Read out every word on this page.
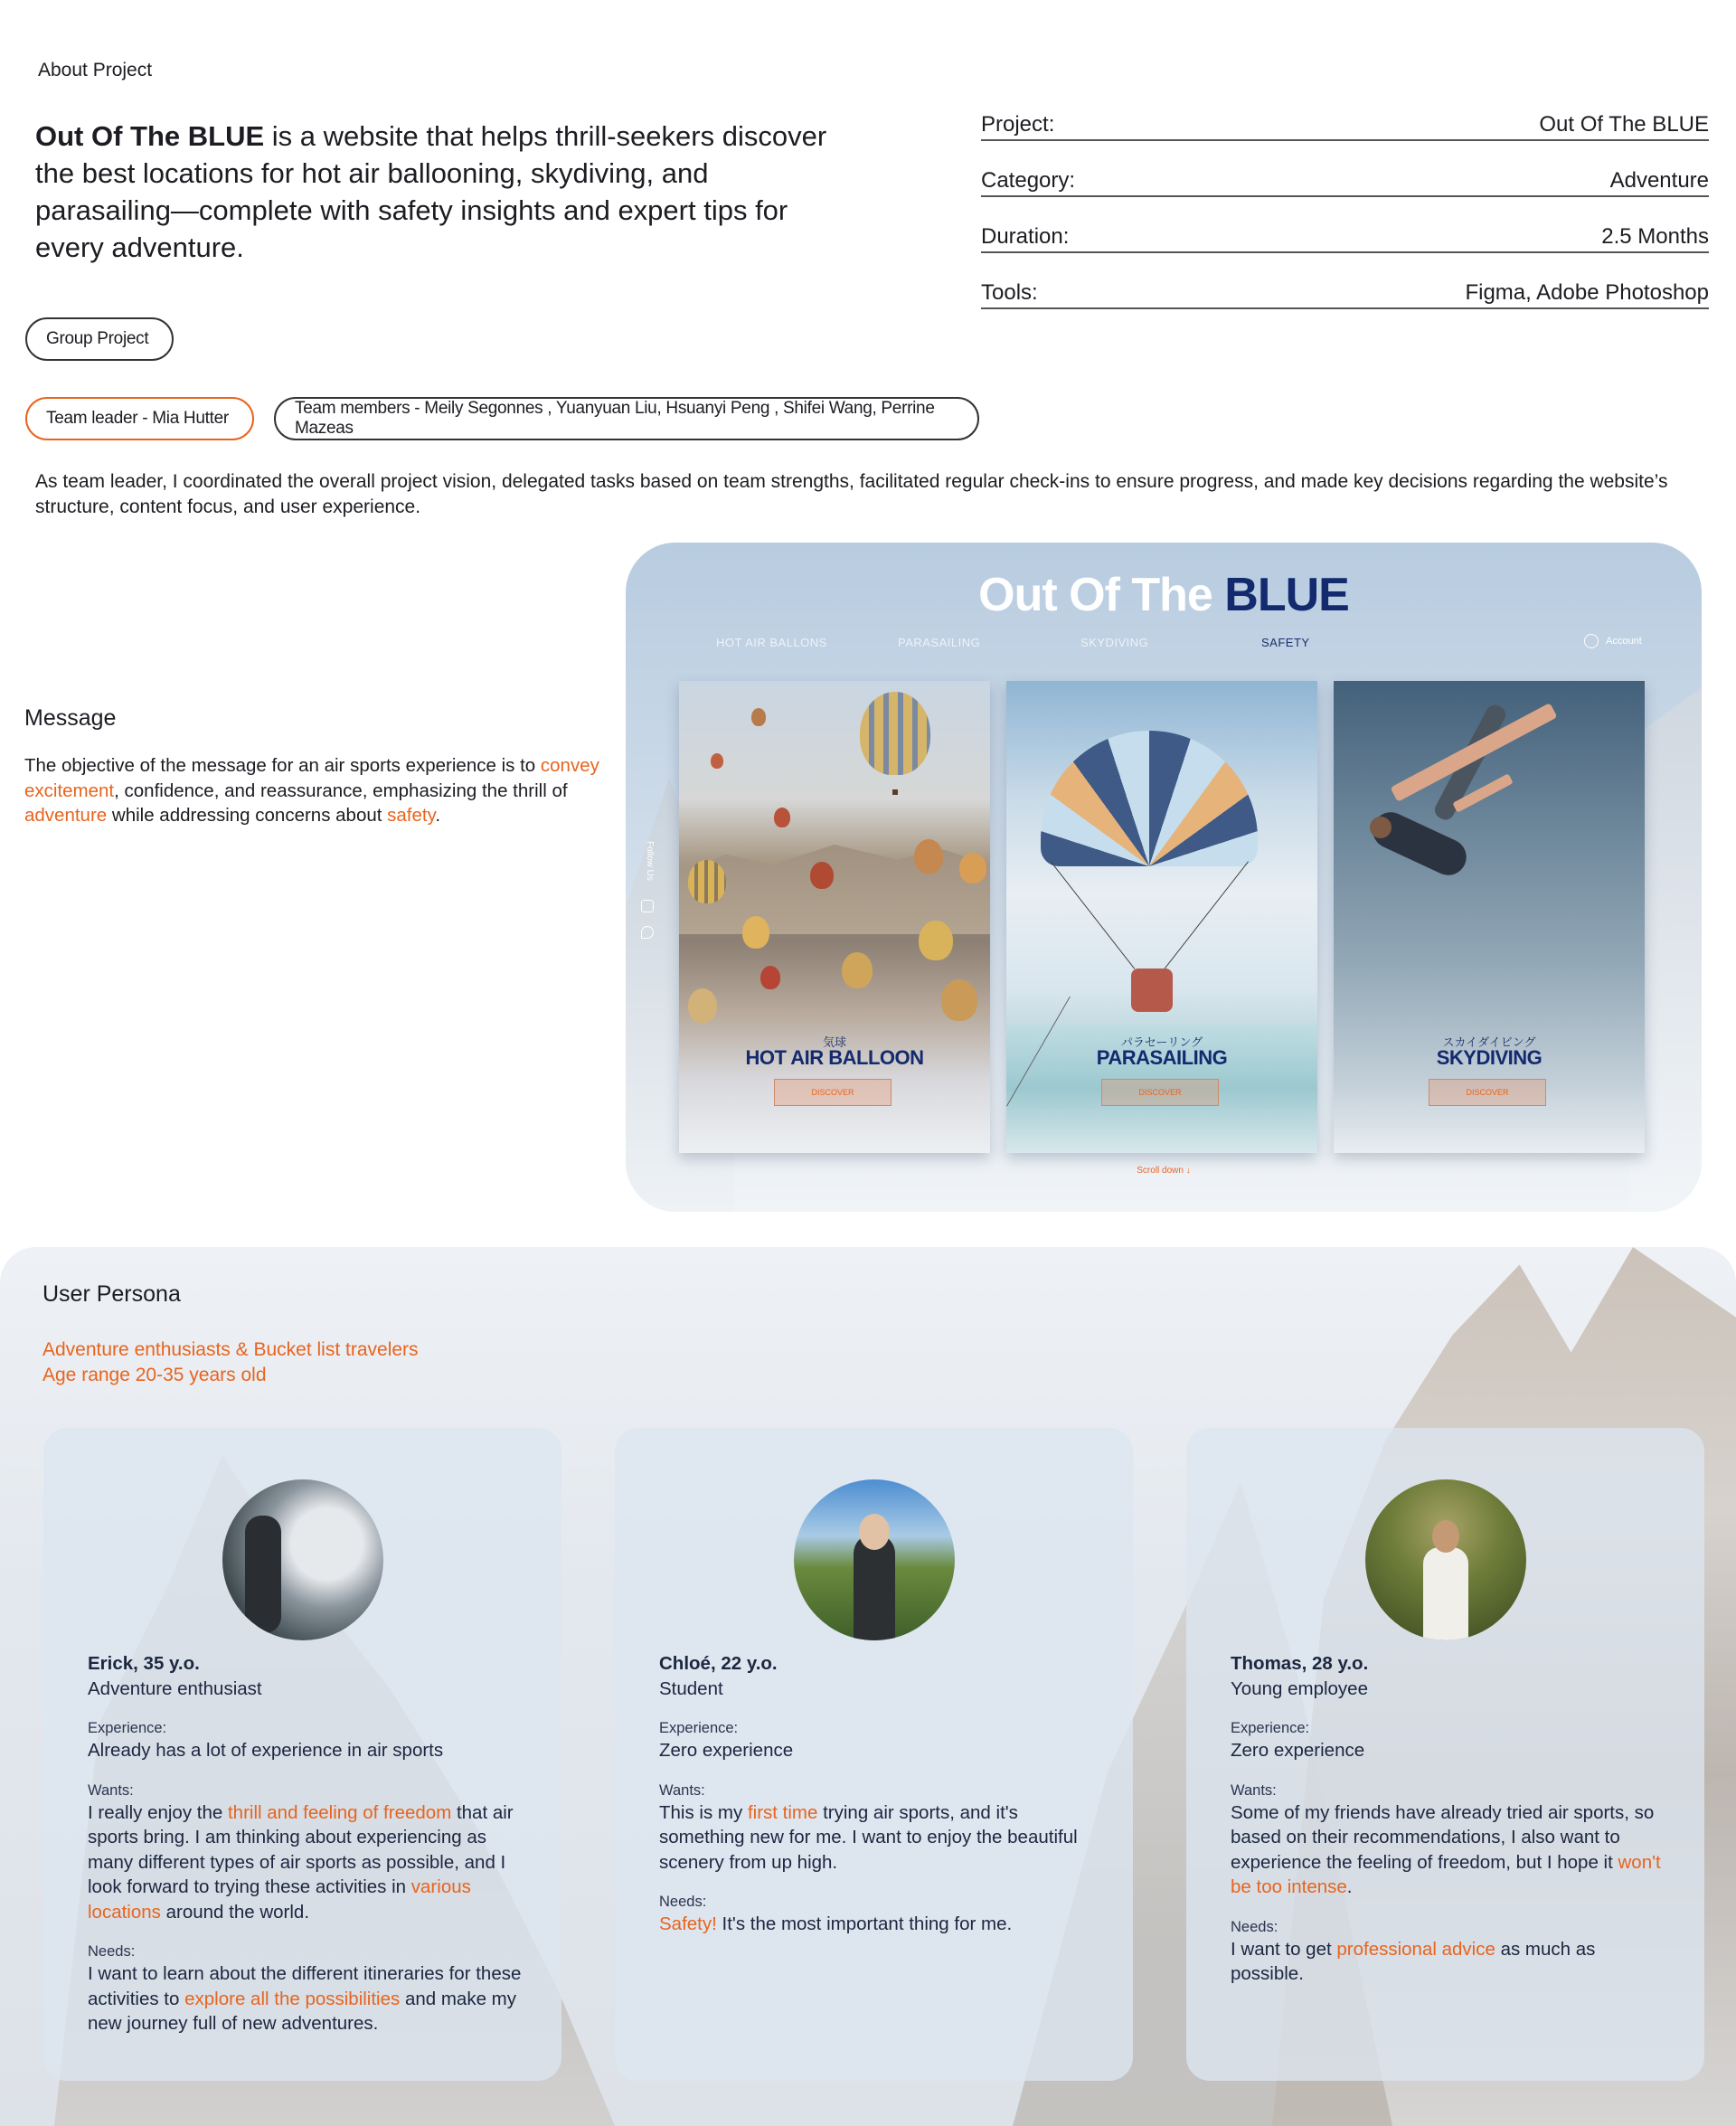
About Project
Out Of The BLUE is a website that helps thrill-seekers discover the best locations for hot air ballooning, skydiving, and parasailing—complete with safety insights and expert tips for every adventure.
Project:	Out Of The BLUE
Category:	Adventure
Duration:	2.5 Months
Tools:	Figma, Adobe Photoshop
Group Project
Team leader - Mia Hutter
Team members - Meily Segonnes , Yuanyuan Liu, Hsuanyi Peng , Shifei Wang, Perrine Mazeas
As team leader, I coordinated the overall project vision, delegated tasks based on team strengths, facilitated regular check-ins to ensure progress, and made key decisions regarding the website’s structure, content focus, and user experience.
Message
The objective of the message for an air sports experience is to convey excitement, confidence, and reassurance, emphasizing the thrill of adventure while addressing concerns about safety.
Out Of The BLUE
HOT AIR BALLONS	PARASAILING	SKYDIVING	SAFETY	Account
Follow Us
気球
HOT AIR BALLOON
DISCOVER
パラセーリング
PARASAILING
DISCOVER
スカイダイビング
SKYDIVING
DISCOVER
Scroll down ↓
User Persona
Adventure enthusiasts & Bucket list travelers
Age range 20-35 years old
Erick, 35 y.o.
Adventure enthusiast
Experience:
Already has a lot of experience in air sports
Wants:
I really enjoy the thrill and feeling of freedom that air sports bring. I am thinking about experiencing as many different types of air sports as possible, and I look forward to trying these activities in various locations around the world.
Needs:
I want to learn about the different itineraries for these activities to explore all the possibilities and make my new journey full of new adventures.
Chloé, 22 y.o.
Student
Experience:
Zero experience
Wants:
This is my first time trying air sports, and it's something new for me. I want to enjoy the beautiful scenery from up high.
Needs:
Safety! It's the most important thing for me.
Thomas, 28 y.o.
Young employee
Experience:
Zero experience
Wants:
Some of my friends have already tried air sports, so based on their recommendations, I also want to experience the feeling of freedom, but I hope it won't be too intense.
Needs:
I want to get professional advice as much as possible.
